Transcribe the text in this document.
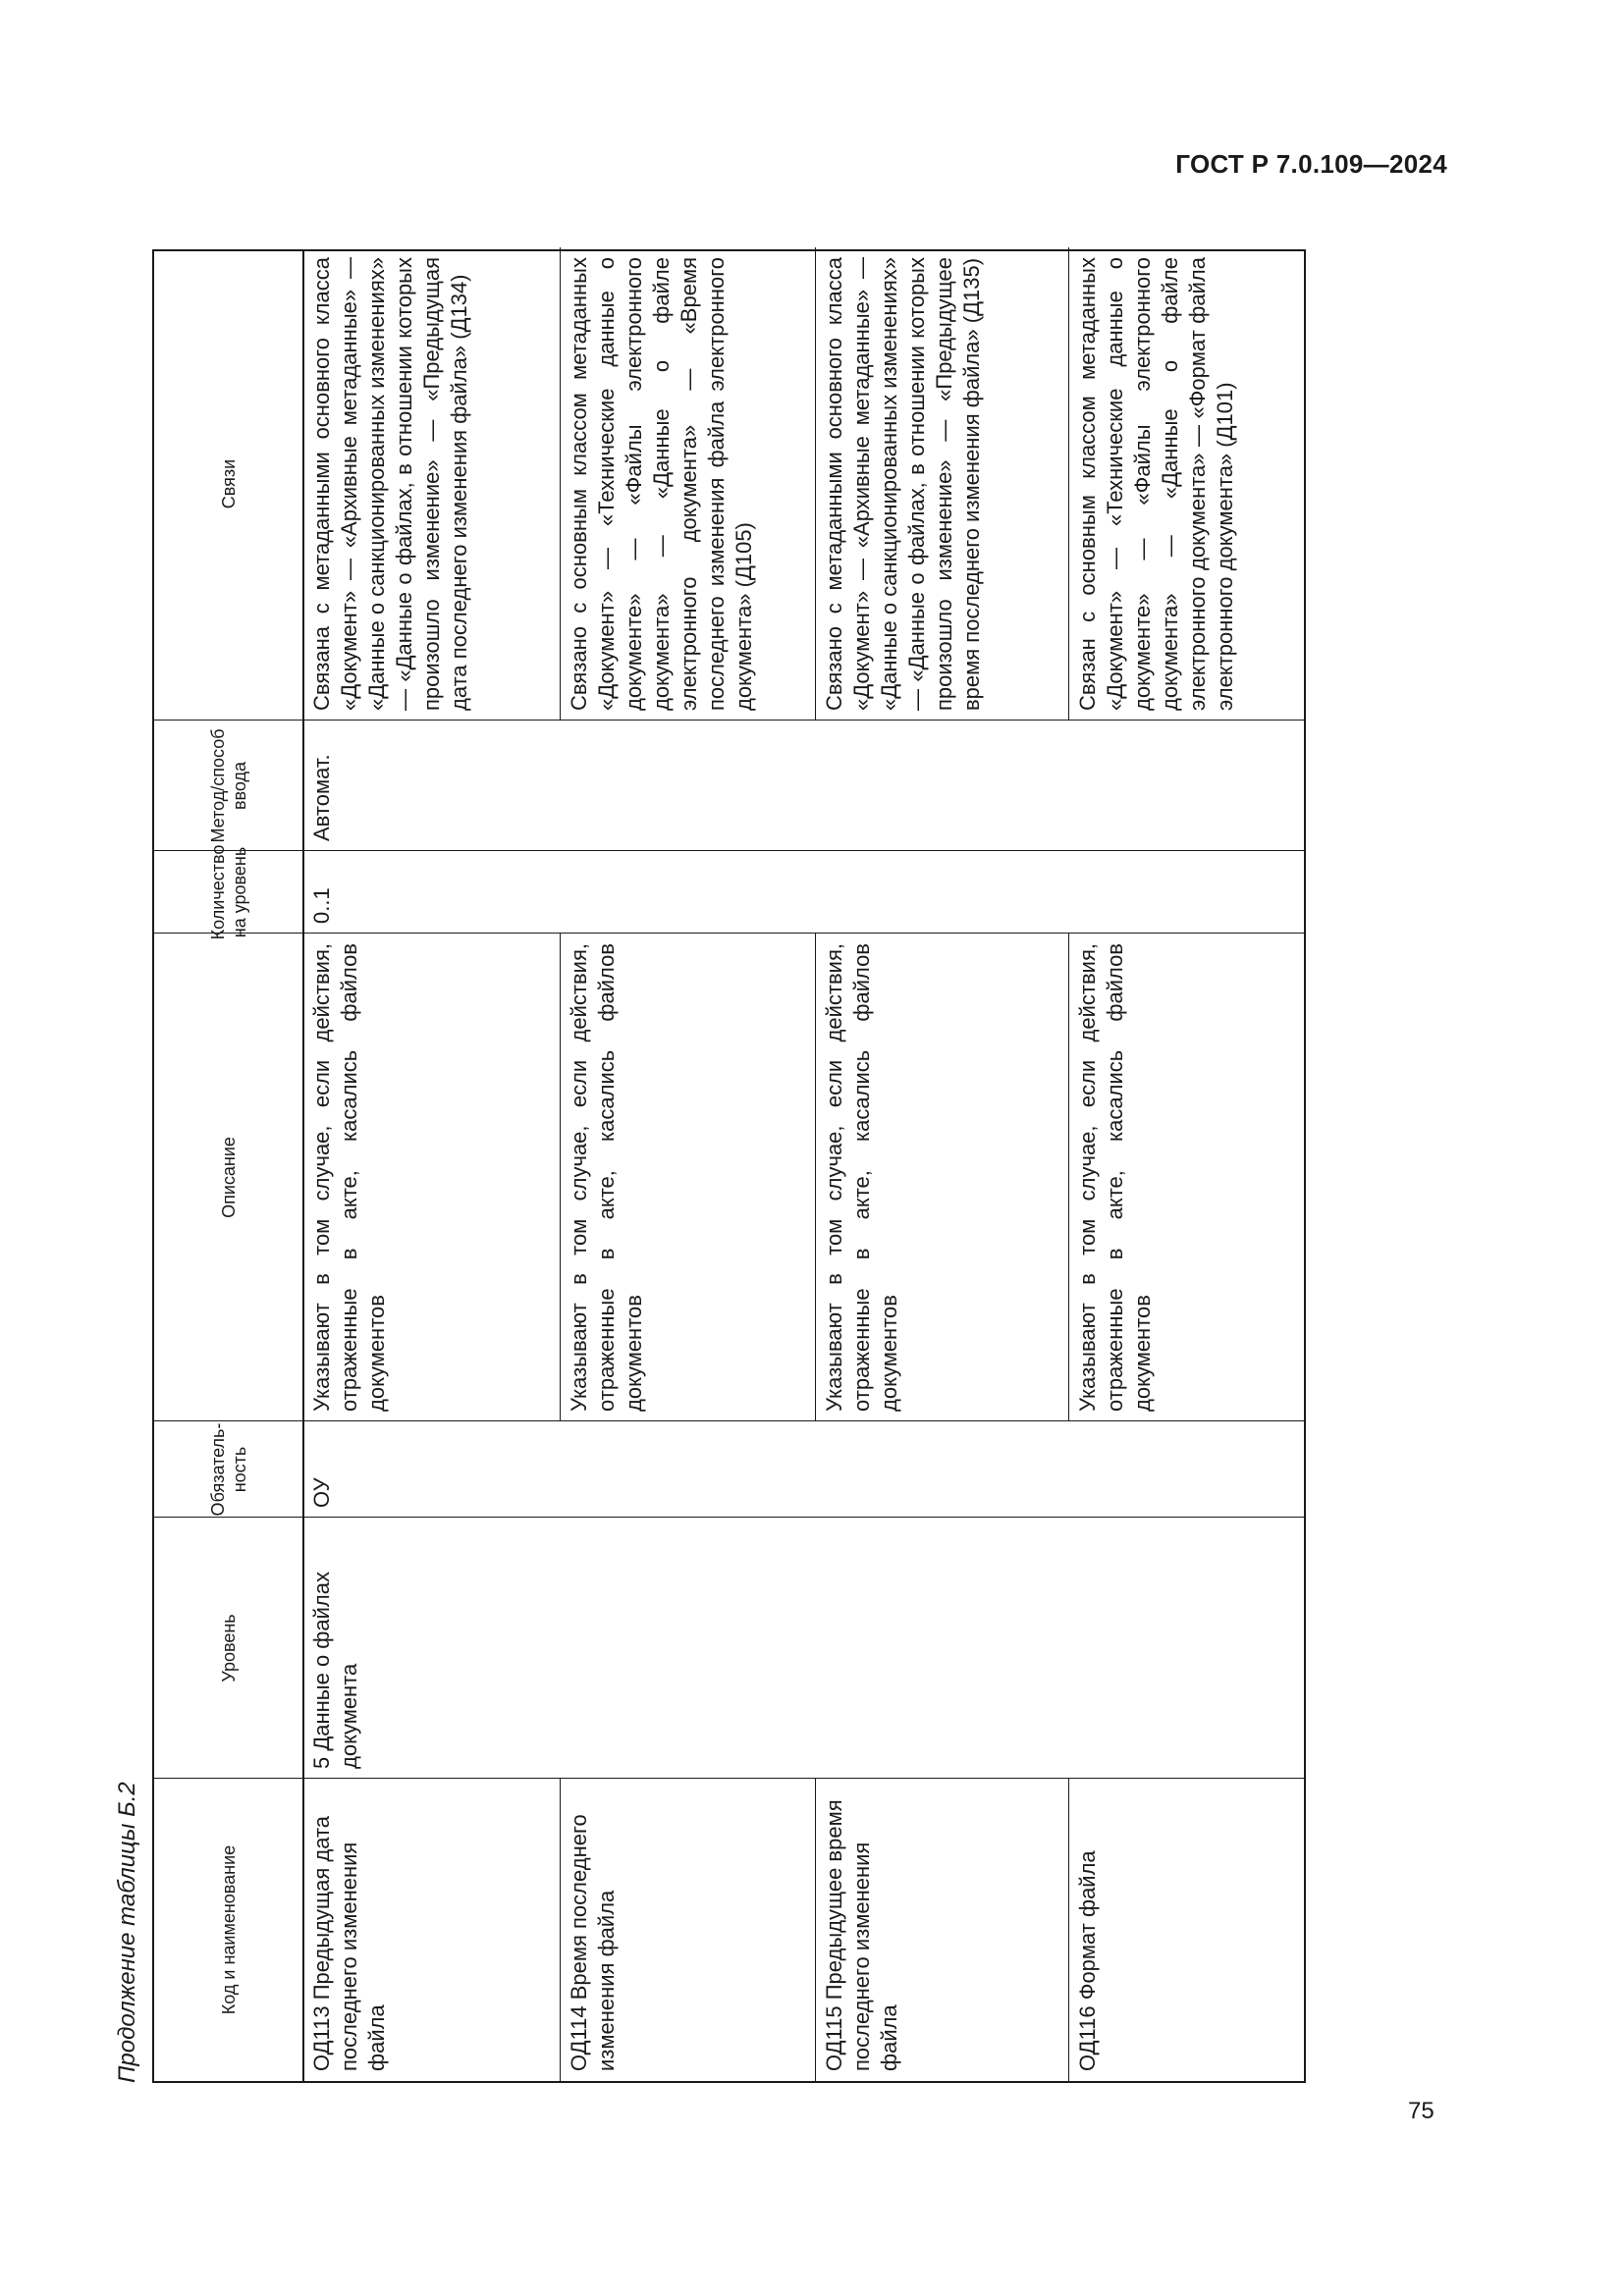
ГОСТ Р 7.0.109—2024
Продолжение таблицы Б.2	Код и наименование
Уровень
Обязатель-ность
Описание
Количество на уровень
Метод/способ ввода
Связи
5 Данные о файлах документа
ОУ
0..1
Автомат.
ОД113 Предыдущая дата последнего изменения файла
Указывают в том случае, если действия, отраженные в акте, касались файлов документов
Связана с метаданными основного класса «Документ» — «Архивные метаданные» — «Данные о санкционированных изменениях» — «Данные о файлах, в отношении которых произошло изменение» — «Предыдущая дата последнего изменения файла» (Д134)
ОД114 Время последнего изменения файла
Указывают в том случае, если действия, отраженные в акте, касались файлов документов
Связано с основным классом метаданных «Документ» — «Технические данные о документе» — «Файлы электронного документа» — «Данные о файле электронного документа» — «Время последнего изменения файла электронного документа» (Д105)
ОД115 Предыдущее время последнего изменения файла
Указывают в том случае, если действия, отраженные в акте, касались файлов документов
Связано с метаданными основного класса «Документ» — «Архивные метаданные» — «Данные о санкционированных изменениях» — «Данные о файлах, в отношении которых произошло изменение» — «Предыдущее время последнего изменения файла» (Д135)
ОД116 Формат файла
Указывают в том случае, если действия, отраженные в акте, касались файлов документов
Связан с основным классом метаданных «Документ» — «Технические данные о документе» — «Файлы электронного документа» — «Данные о файле электронного документа» — «Формат файла электронного документа» (Д101)
75
